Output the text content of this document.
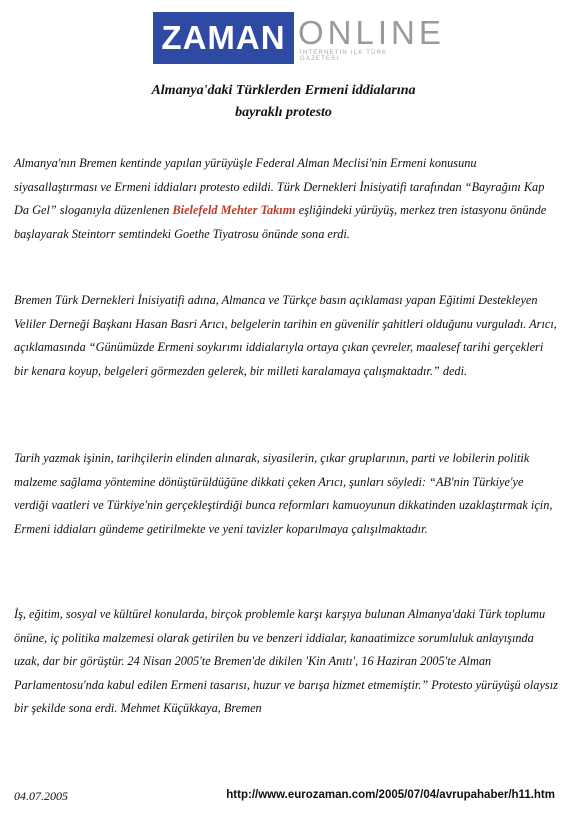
ZAMAN ONLINE
İNTERNETIN ILK TÜRK GAZETESI
Almanya'daki Türklerden Ermeni iddialarına
bayraklı protesto

Almanya'nın Bremen kentinde yapılan yürüyüşle Federal Alman Meclisi'nin Ermeni konusunu siyasallaştırması ve Ermeni iddiaları protesto edildi. Türk Dernekleri İnisiyatifi tarafından “Bayrağını Kap Da Gel” sloganıyla düzenlenen Bielefeld Mehter Takımı eşliğindeki yürüyüş, merkez tren istasyonu önünde başlayarak Steintorr semtindeki Goethe Tiyatrosu önünde sona erdi.

Bremen Türk Dernekleri İnisiyatifi adına, Almanca ve Türkçe basın açıklaması yapan Eğitimi Destekleyen Veliler Derneği Başkanı Hasan Basri Arıcı, belgelerin tarihin en güvenilir şahitleri olduğunu vurguladı. Arıcı, açıklamasında “Günümüzde Ermeni soykırımı iddialarıyla ortaya çıkan çevreler, maalesef tarihi gerçekleri bir kenara koyup, belgeleri görmezden gelerek, bir milleti karalamaya çalışmaktadır.” dedi.

Tarih yazmak işinin, tarihçilerin elinden alınarak, siyasilerin, çıkar gruplarının, parti ve lobilerin politik malzeme sağlama yöntemine dönüştürüldüğüne dikkati çeken Arıcı, şunları söyledi: “AB'nin Türkiye'ye verdiği vaatleri ve Türkiye'nin gerçekleştirdiği bunca reformları kamuoyunun dikkatinden uzaklaştırmak için, Ermeni iddiaları gündeme getirilmekte ve yeni tavizler koparılmaya çalışılmaktadır.

İş, eğitim, sosyal ve kültürel konularda, birçok problemle karşı karşıya bulunan Almanya'daki Türk toplumu önüne, iç politika malzemesi olarak getirilen bu ve benzeri iddialar, kanaatimizce sorumluluk anlayışında uzak, dar bir görüştür. 24 Nisan 2005'te Bremen'de dikilen 'Kin Anıtı', 16 Haziran 2005'te Alman Parlamentosu'nda kabul edilen Ermeni tasarısı, huzur ve barışa hizmet etmemiştir.” Protesto yürüyüşü olaysız bir şekilde sona erdi. Mehmet Küçükkaya, Bremen

04.07.2005	http://www.eurozaman.com/2005/07/04/avrupahaber/h11.htm
